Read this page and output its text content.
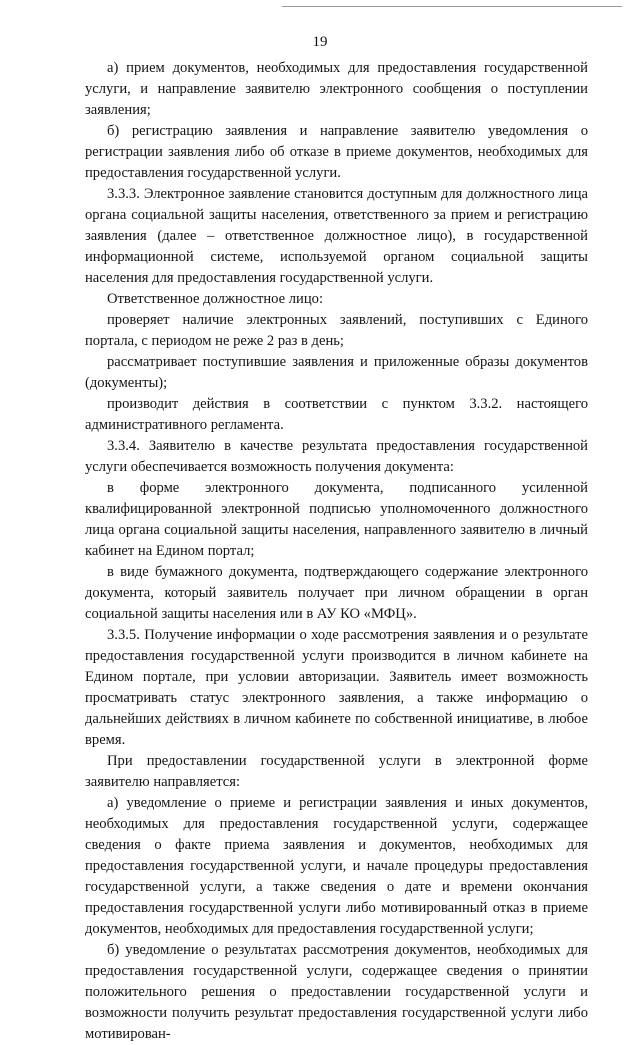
19

а) прием документов, необходимых для предоставления государственной услуги, и направление заявителю электронного сообщения о поступлении заявления;

б) регистрацию заявления и направление заявителю уведомления о регистрации заявления либо об отказе в приеме документов, необходимых для предоставления государственной услуги.

3.3.3. Электронное заявление становится доступным для должностного лица органа социальной защиты населения, ответственного за прием и регистрацию заявления (далее – ответственное должностное лицо), в государственной информационной системе, используемой органом социальной защиты населения для предоставления государственной услуги.

Ответственное должностное лицо:

проверяет наличие электронных заявлений, поступивших с Единого портала, с периодом не реже 2 раз в день;

рассматривает поступившие заявления и приложенные образы документов (документы);

производит действия в соответствии с пунктом 3.3.2. настоящего административного регламента.

3.3.4. Заявителю в качестве результата предоставления государственной услуги обеспечивается возможность получения документа:

в форме электронного документа, подписанного усиленной квалифицированной электронной подписью уполномоченного должностного лица органа социальной защиты населения, направленного заявителю в личный кабинет на Едином портал;

в виде бумажного документа, подтверждающего содержание электронного документа, который заявитель получает при личном обращении в орган социальной защиты населения или в АУ КО «МФЦ».

3.3.5. Получение информации о ходе рассмотрения заявления и о результате предоставления государственной услуги производится в личном кабинете на Едином портале, при условии авторизации. Заявитель имеет возможность просматривать статус электронного заявления, а также информацию о дальнейших действиях в личном кабинете по собственной инициативе, в любое время.

При предоставлении государственной услуги в электронной форме заявителю направляется:

а) уведомление о приеме и регистрации заявления и иных документов, необходимых для предоставления государственной услуги, содержащее сведения о факте приема заявления и документов, необходимых для предоставления государственной услуги, и начале процедуры предоставления государственной услуги, а также сведения о дате и времени окончания предоставления государственной услуги либо мотивированный отказ в приеме документов, необходимых для предоставления государственной услуги;

б) уведомление о результатах рассмотрения документов, необходимых для предоставления государственной услуги, содержащее сведения о принятии положительного решения о предоставлении государственной услуги и возможности получить результат предоставления государственной услуги либо мотивирован-
